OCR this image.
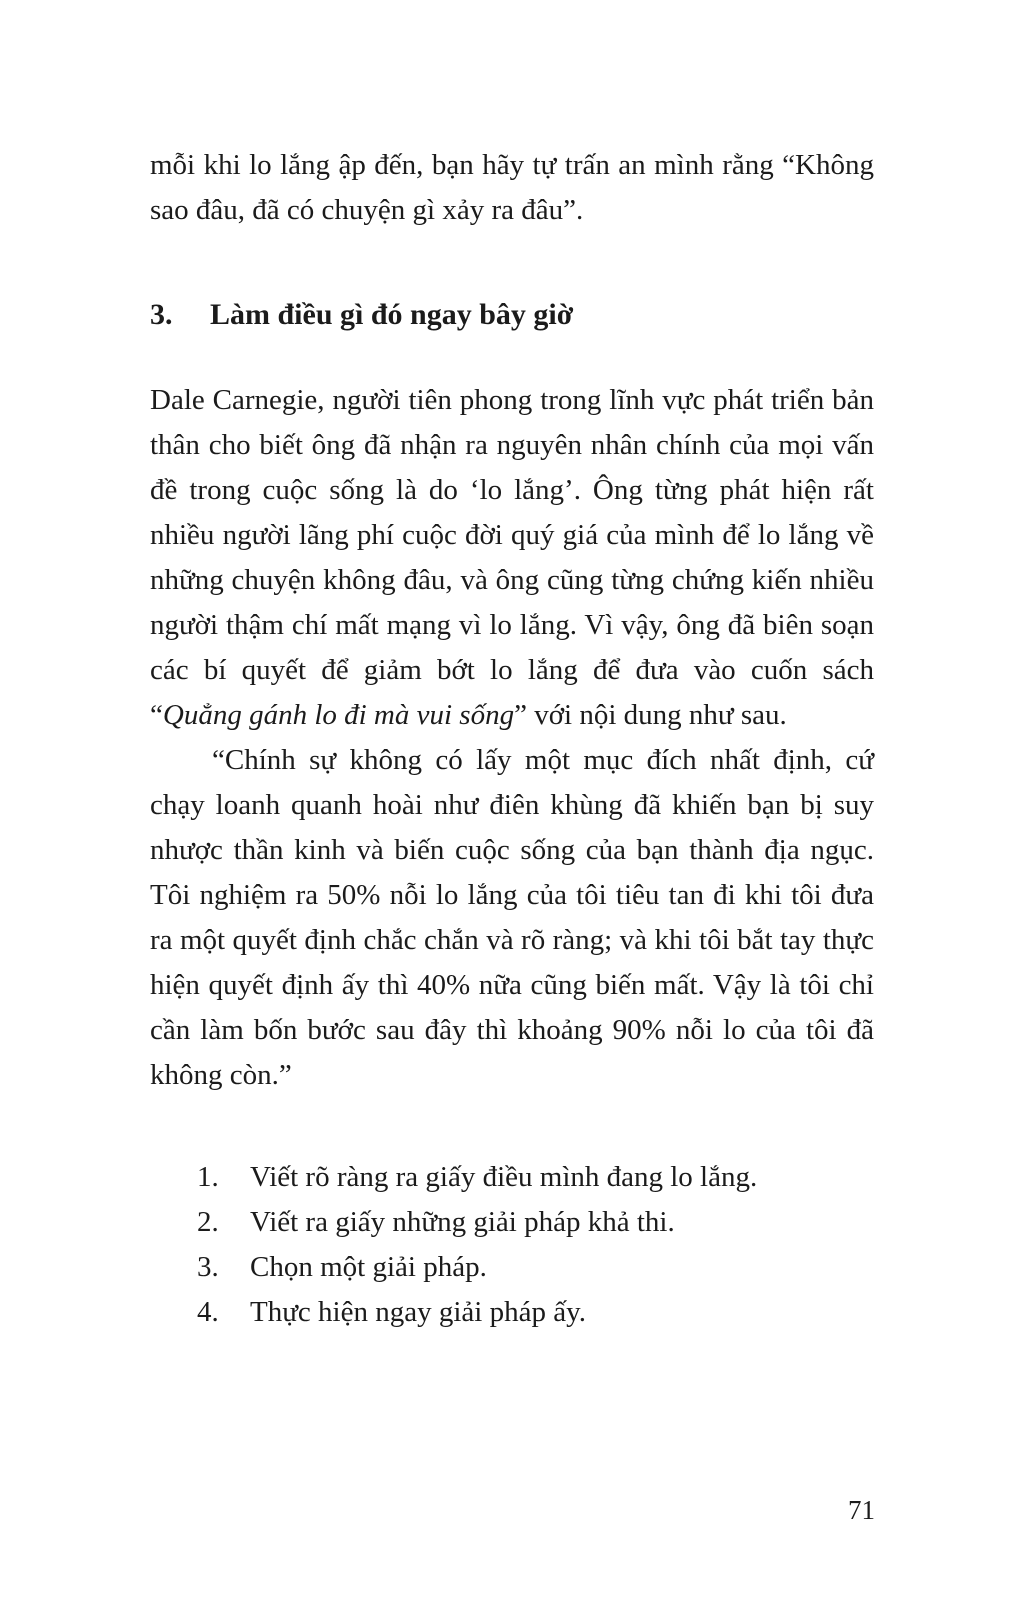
mỗi khi lo lắng ập đến, bạn hãy tự trấn an mình rằng “Không sao đâu, đã có chuyện gì xảy ra đâu”.

3.	Làm điều gì đó ngay bây giờ

Dale Carnegie, người tiên phong trong lĩnh vực phát triển bản thân cho biết ông đã nhận ra nguyên nhân chính của mọi vấn đề trong cuộc sống là do ‘lo lắng’. Ông từng phát hiện rất nhiều người lãng phí cuộc đời quý giá của mình để lo lắng về những chuyện không đâu, và ông cũng từng chứng kiến nhiều người thậm chí mất mạng vì lo lắng. Vì vậy, ông đã biên soạn các bí quyết để giảm bớt lo lắng để đưa vào cuốn sách “Quẳng gánh lo đi mà vui sống” với nội dung như sau.

“Chính sự không có lấy một mục đích nhất định, cứ chạy loanh quanh hoài như điên khùng đã khiến bạn bị suy nhược thần kinh và biến cuộc sống của bạn thành địa ngục. Tôi nghiệm ra 50% nỗi lo lắng của tôi tiêu tan đi khi tôi đưa ra một quyết định chắc chắn và rõ ràng; và khi tôi bắt tay thực hiện quyết định ấy thì 40% nữa cũng biến mất. Vậy là tôi chỉ cần làm bốn bước sau đây thì khoảng 90% nỗi lo của tôi đã không còn.”

1.	Viết rõ ràng ra giấy điều mình đang lo lắng.
2.	Viết ra giấy những giải pháp khả thi.
3.	Chọn một giải pháp.
4.	Thực hiện ngay giải pháp ấy.
71
